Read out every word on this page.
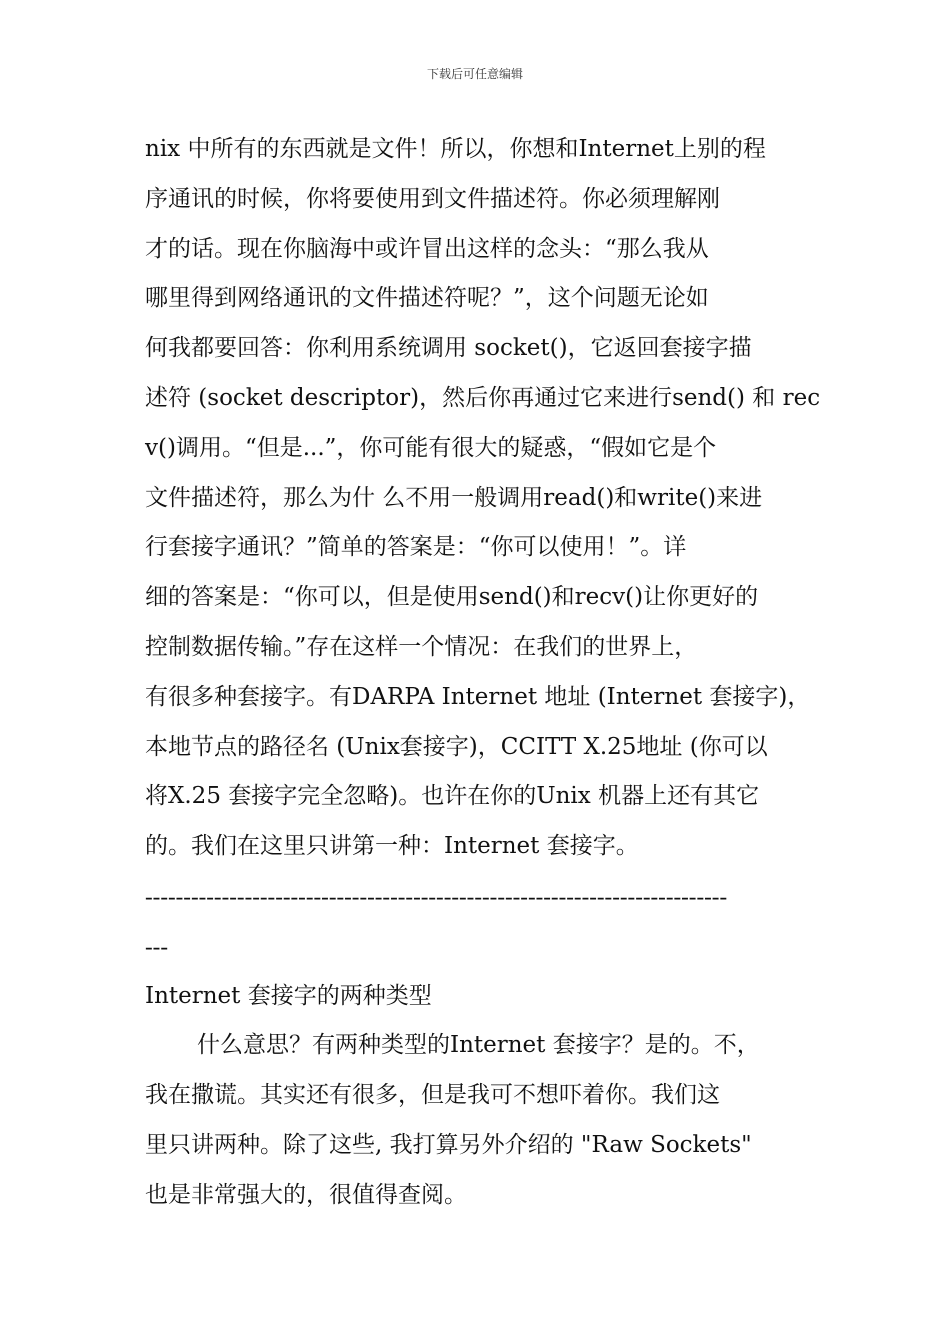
下载后可任意编辑
nix 中所有的东西就是文件！所以，你想和Internet上别的程
序通讯的时候，你将要使用到文件描述符。你必须理解刚
才的话。现在你脑海中或许冒出这样的念头：“那么我从
哪里得到网络通讯的文件描述符呢？”，这个问题无论如
何我都要回答：你利用系统调用 socket()，它返回套接字描
述符 (socket descriptor)，然后你再通过它来进行send() 和 rec
v()调用。“但是...”，你可能有很大的疑惑，“假如它是个
文件描述符，那么为什 么不用一般调用read()和write()来进
行套接字通讯？”简单的答案是：“你可以使用！”。详
细的答案是：“你可以，但是使用send()和recv()让你更好的
控制数据传输。”存在这样一个情况：在我们的世界上，
有很多种套接字。有DARPA Internet 地址 (Internet 套接字)，
本地节点的路径名 (Unix套接字)，CCITT X.25地址 (你可以
将X.25 套接字完全忽略)。也许在你的Unix 机器上还有其它
的。我们在这里只讲第一种：Internet 套接字。
----------------------------------------------------------------------------
---
Internet 套接字的两种类型
什么意思？有两种类型的Internet 套接字？是的。不，
我在撒谎。其实还有很多，但是我可不想吓着你。我们这
里只讲两种。除了这些, 我打算另外介绍的 "Raw Sockets"
也是非常强大的，很值得查阅。
